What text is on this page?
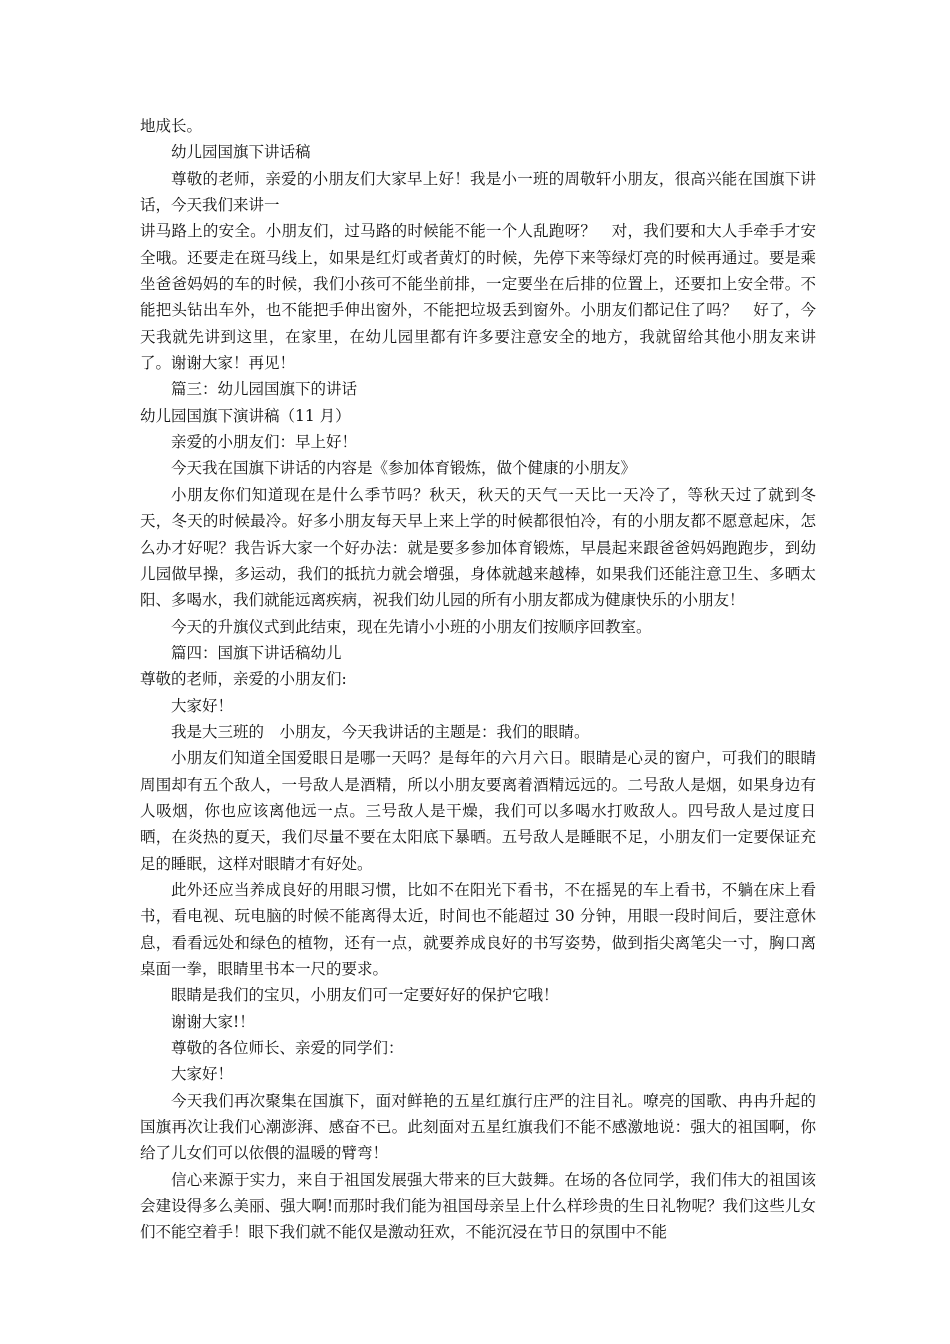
地成长。

幼儿园国旗下讲话稿

尊敬的老师，亲爱的小朋友们大家早上好！我是小一班的周敬轩小朋友，很高兴能在国旗下讲话，今天我们来讲一

讲马路上的安全。小朋友们，过马路的时候能不能一个人乱跑呀？　对，我们要和大人手牵手才安全哦。还要走在斑马线上，如果是红灯或者黄灯的时候，先停下来等绿灯亮的时候再通过。要是乘坐爸爸妈妈的车的时候，我们小孩可不能坐前排，一定要坐在后排的位置上，还要扣上安全带。不能把头钻出车外，也不能把手伸出窗外，不能把垃圾丢到窗外。小朋友们都记住了吗？　好了，今天我就先讲到这里，在家里，在幼儿园里都有许多要注意安全的地方，我就留给其他小朋友来讲了。谢谢大家！再见！

篇三：幼儿园国旗下的讲话

幼儿园国旗下演讲稿（11 月）

亲爱的小朋友们：早上好！

今天我在国旗下讲话的内容是《参加体育锻炼，做个健康的小朋友》

小朋友你们知道现在是什么季节吗？秋天，秋天的天气一天比一天冷了，等秋天过了就到冬天，冬天的时候最冷。好多小朋友每天早上来上学的时候都很怕冷，有的小朋友都不愿意起床，怎么办才好呢？我告诉大家一个好办法：就是要多参加体育锻炼，早晨起来跟爸爸妈妈跑跑步，到幼儿园做早操，多运动，我们的抵抗力就会增强，身体就越来越棒，如果我们还能注意卫生、多晒太阳、多喝水，我们就能远离疾病，祝我们幼儿园的所有小朋友都成为健康快乐的小朋友！

今天的升旗仪式到此结束，现在先请小小班的小朋友们按顺序回教室。

篇四：国旗下讲话稿幼儿

尊敬的老师，亲爱的小朋友们:

大家好！

我是大三班的　小朋友，今天我讲话的主题是：我们的眼睛。

小朋友们知道全国爱眼日是哪一天吗？是每年的六月六日。眼睛是心灵的窗户，可我们的眼睛周围却有五个敌人，一号敌人是酒精，所以小朋友要离着酒精远远的。二号敌人是烟，如果身边有人吸烟，你也应该离他远一点。三号敌人是干燥，我们可以多喝水打败敌人。四号敌人是过度日晒，在炎热的夏天，我们尽量不要在太阳底下暴晒。五号敌人是睡眠不足，小朋友们一定要保证充足的睡眠，这样对眼睛才有好处。

此外还应当养成良好的用眼习惯，比如不在阳光下看书，不在摇晃的车上看书，不躺在床上看书，看电视、玩电脑的时候不能离得太近，时间也不能超过 30 分钟，用眼一段时间后，要注意休息，看看远处和绿色的植物，还有一点，就要养成良好的书写姿势，做到指尖离笔尖一寸，胸口离桌面一拳，眼睛里书本一尺的要求。

眼睛是我们的宝贝，小朋友们可一定要好好的保护它哦！

谢谢大家!！

尊敬的各位师长、亲爱的同学们：

大家好！

今天我们再次聚集在国旗下，面对鲜艳的五星红旗行庄严的注目礼。嘹亮的国歌、冉冉升起的国旗再次让我们心潮澎湃、感奋不已。此刻面对五星红旗我们不能不感激地说：强大的祖国啊，你给了儿女们可以依偎的温暖的臂弯！

信心来源于实力，来自于祖国发展强大带来的巨大鼓舞。在场的各位同学，我们伟大的祖国该会建设得多么美丽、强大啊!而那时我们能为祖国母亲呈上什么样珍贵的生日礼物呢？我们这些儿女们不能空着手！眼下我们就不能仅是激动狂欢，不能沉浸在节日的氛围中不能
